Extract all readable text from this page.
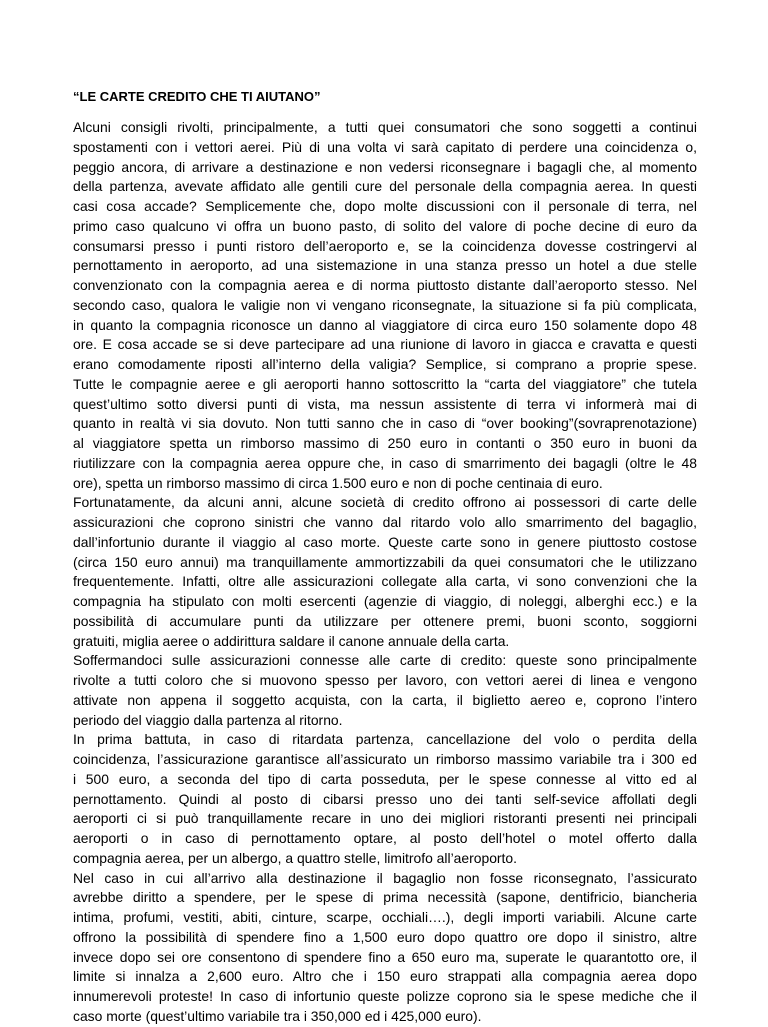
“LE CARTE CREDITO CHE TI AIUTANO”
Alcuni consigli rivolti, principalmente, a tutti quei consumatori che sono soggetti a continui
spostamenti con i vettori aerei. Più di una volta vi sarà capitato di perdere una coincidenza o,
peggio ancora, di arrivare a destinazione e non vedersi riconsegnare i bagagli che, al momento
della partenza, avevate affidato alle gentili cure del personale della compagnia aerea. In questi
casi cosa accade? Semplicemente che, dopo molte discussioni con il personale di terra, nel
primo caso qualcuno vi offra un buono pasto, di solito del valore di poche decine di euro da
consumarsi presso i punti ristoro dell’aeroporto e, se la coincidenza dovesse costringervi al
pernottamento in aeroporto, ad una sistemazione in una stanza presso un hotel a due stelle
convenzionato con la compagnia aerea e di norma piuttosto distante dall’aeroporto stesso. Nel
secondo caso, qualora le valigie non vi vengano riconsegnate, la situazione si fa più complicata,
in quanto la compagnia riconosce un danno al viaggiatore di circa euro 150 solamente dopo 48
ore. E cosa accade se si deve partecipare ad una riunione di lavoro in giacca e cravatta e questi
erano comodamente riposti all’interno della valigia? Semplice, si comprano a proprie spese.
Tutte le compagnie aeree e gli aeroporti hanno sottoscritto la “carta del viaggiatore” che tutela
quest’ultimo sotto diversi punti di vista, ma nessun assistente di terra vi informerà mai di
quanto in realtà vi sia dovuto. Non tutti sanno che in caso di “over booking”(sovraprenotazione)
al viaggiatore spetta un rimborso massimo di 250 euro in contanti o 350 euro in buoni da
riutilizzare con la compagnia aerea oppure che, in caso di smarrimento dei bagagli (oltre le 48
ore), spetta un rimborso massimo di circa 1.500 euro e non di poche centinaia di euro.
Fortunatamente, da alcuni anni, alcune società di credito offrono ai possessori di carte delle
assicurazioni che coprono sinistri che vanno dal ritardo volo allo smarrimento del bagaglio,
dall’infortunio durante il viaggio al caso morte. Queste carte sono in genere piuttosto costose
(circa 150 euro annui) ma tranquillamente ammortizzabili da quei consumatori che le utilizzano
frequentemente. Infatti, oltre alle assicurazioni collegate alla carta, vi sono convenzioni che la
compagnia ha stipulato con molti esercenti (agenzie di viaggio, di noleggi, alberghi ecc.) e la
possibilità di accumulare punti da utilizzare per ottenere premi, buoni sconto, soggiorni
gratuiti, miglia aeree o addirittura saldare il canone annuale della carta.
Soffermandoci sulle assicurazioni connesse alle carte di credito: queste sono principalmente
rivolte a tutti coloro che si muovono spesso per lavoro, con vettori aerei di linea e vengono
attivate non appena il soggetto acquista, con la carta, il biglietto aereo e, coprono l’intero
periodo del viaggio dalla partenza al ritorno.
In prima battuta, in caso di ritardata partenza, cancellazione del volo o perdita della
coincidenza, l’assicurazione garantisce all’assicurato un rimborso massimo variabile tra i 300 ed
i 500 euro, a seconda del tipo di carta posseduta, per le spese connesse al vitto ed al
pernottamento. Quindi al posto di cibarsi presso uno dei tanti self-sevice affollati degli
aeroporti ci si può tranquillamente recare in uno dei migliori ristoranti presenti nei principali
aeroporti o in caso di pernottamento optare, al posto dell’hotel o motel offerto dalla
compagnia aerea, per un albergo, a quattro stelle, limitrofo all’aeroporto.
Nel caso in cui all’arrivo alla destinazione il bagaglio non fosse riconsegnato, l’assicurato
avrebbe diritto a spendere, per le spese di prima necessità (sapone, dentifricio, biancheria
intima, profumi, vestiti, abiti, cinture, scarpe, occhiali….), degli importi variabili. Alcune carte
offrono la possibilità di spendere fino a 1,500 euro dopo quattro ore dopo il sinistro, altre
invece dopo sei ore consentono di spendere fino a 650 euro ma, superate le quarantotto ore, il
limite si innalza a 2,600 euro. Altro che i 150 euro strappati alla compagnia aerea dopo
innumerevoli proteste! In caso di infortunio queste polizze coprono sia le spese mediche che il
caso morte (quest’ultimo variabile tra i 350,000 ed i 425,000 euro).
